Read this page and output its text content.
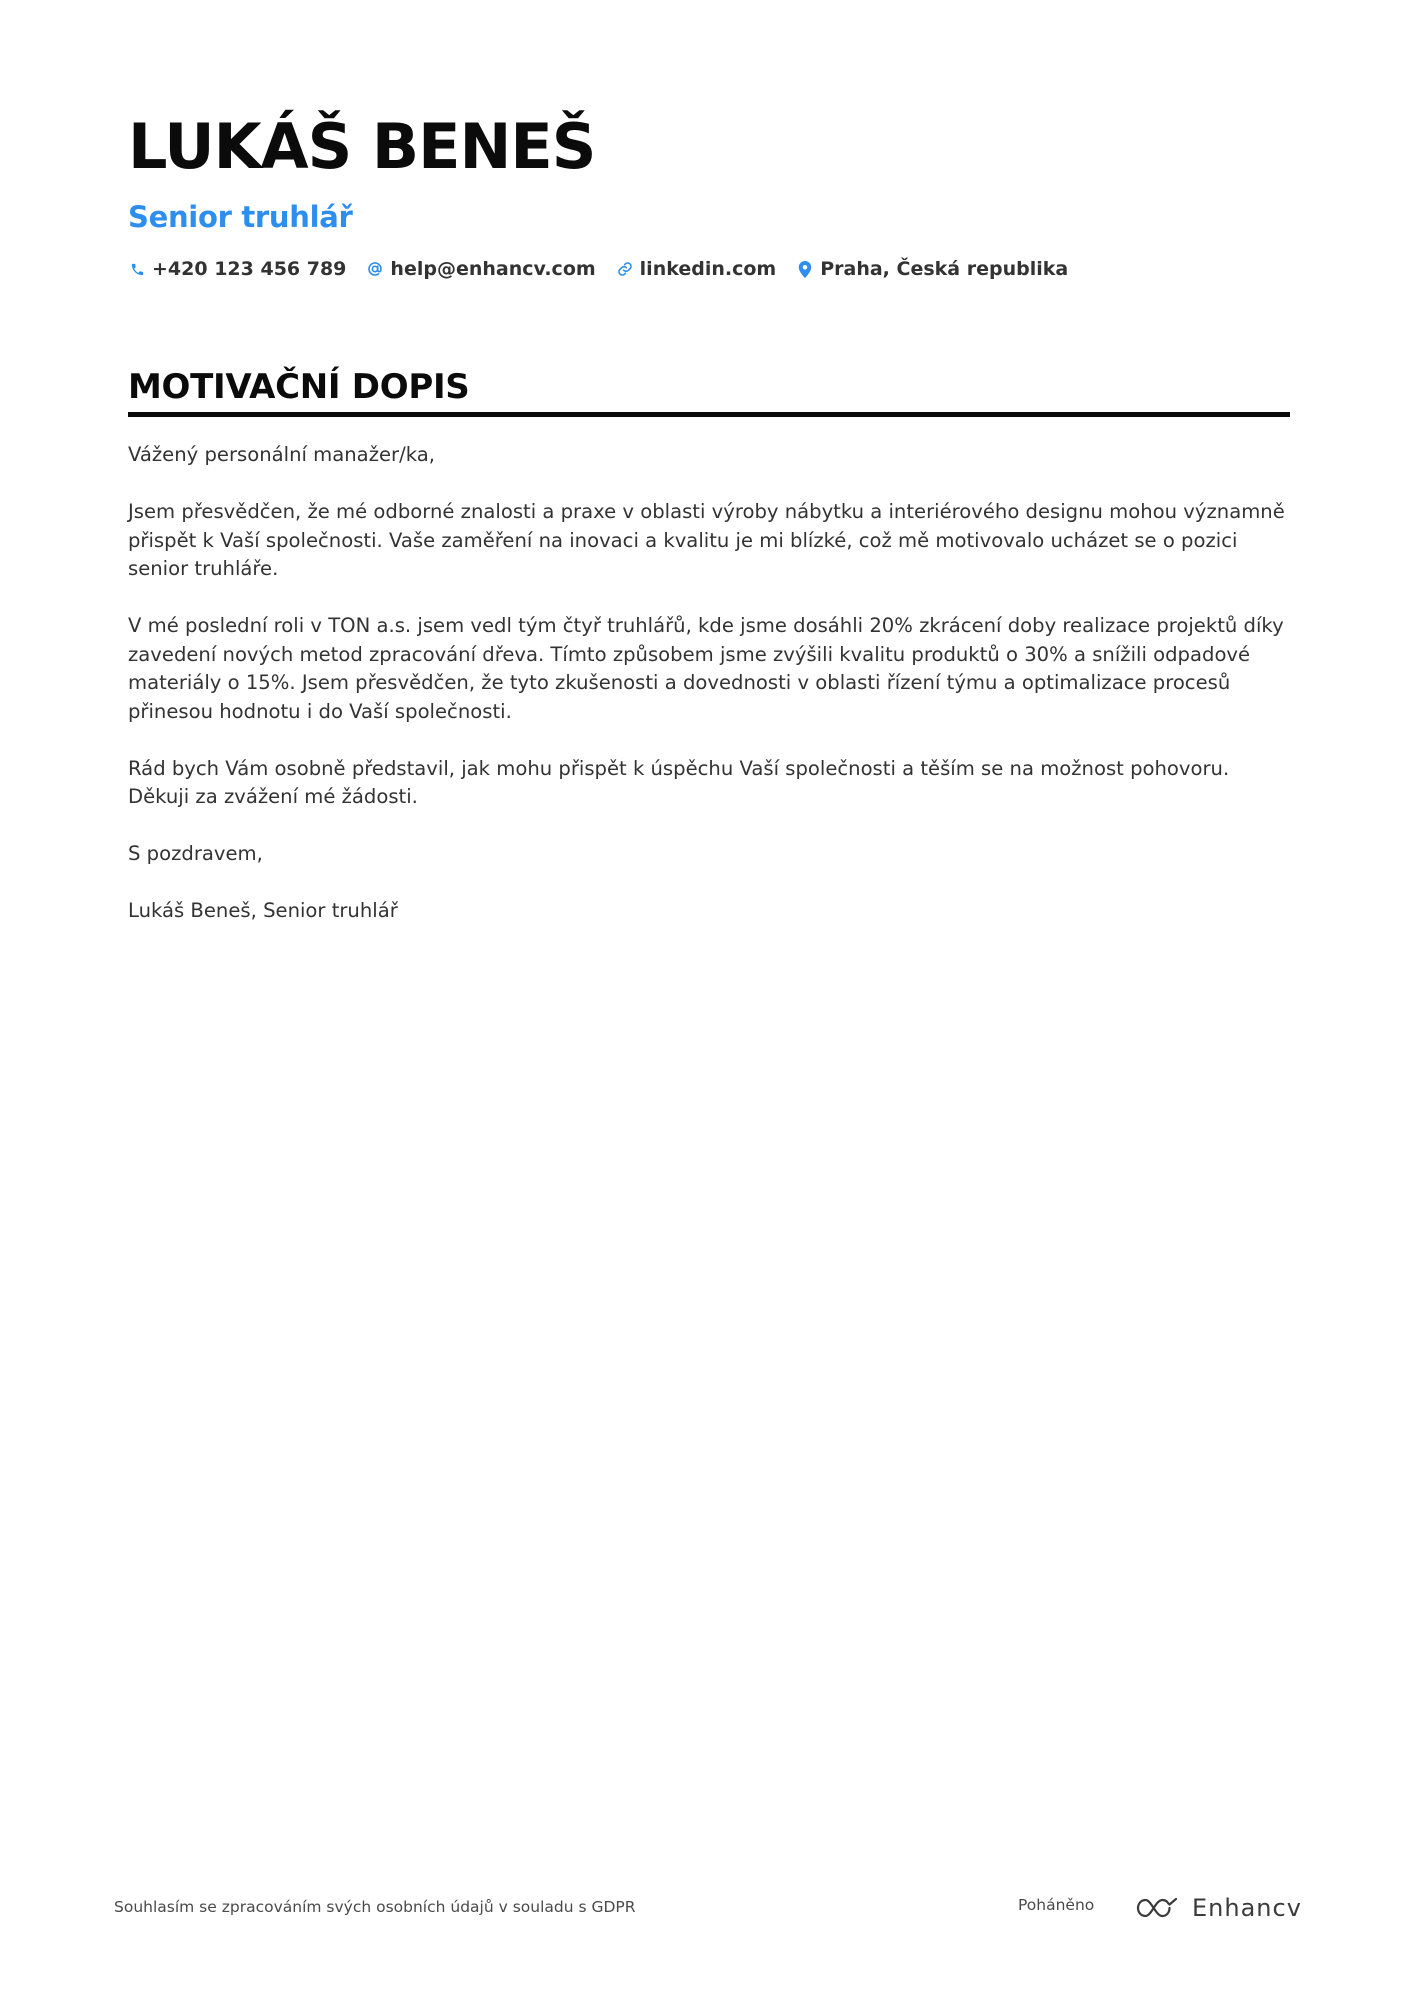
LUKÁŠ BENEŠ
Senior truhlář
+420 123 456 789 help@enhancv.com linkedin.com Praha, Česká republika
MOTIVAČNÍ DOPIS

Vážený personální manažer/ka,

Jsem přesvědčen, že mé odborné znalosti a praxe v oblasti výroby nábytku a interiérového designu mohou významně přispět k Vaší společnosti. Vaše zaměření na inovaci a kvalitu je mi blízké, což mě motivovalo ucházet se o pozici senior truhláře.

V mé poslední roli v TON a.s. jsem vedl tým čtyř truhlářů, kde jsme dosáhli 20% zkrácení doby realizace projektů díky zavedení nových metod zpracování dřeva. Tímto způsobem jsme zvýšili kvalitu produktů o 30% a snížili odpadové materiály o 15%. Jsem přesvědčen, že tyto zkušenosti a dovednosti v oblasti řízení týmu a optimalizace procesů přinesou hodnotu i do Vaší společnosti.

Rád bych Vám osobně představil, jak mohu přispět k úspěchu Vaší společnosti a těším se na možnost pohovoru. Děkuji za zvážení mé žádosti.

S pozdravem,

Lukáš Beneš, Senior truhlář

Souhlasím se zpracováním svých osobních údajů v souladu s GDPR	Poháněno	Enhancv
